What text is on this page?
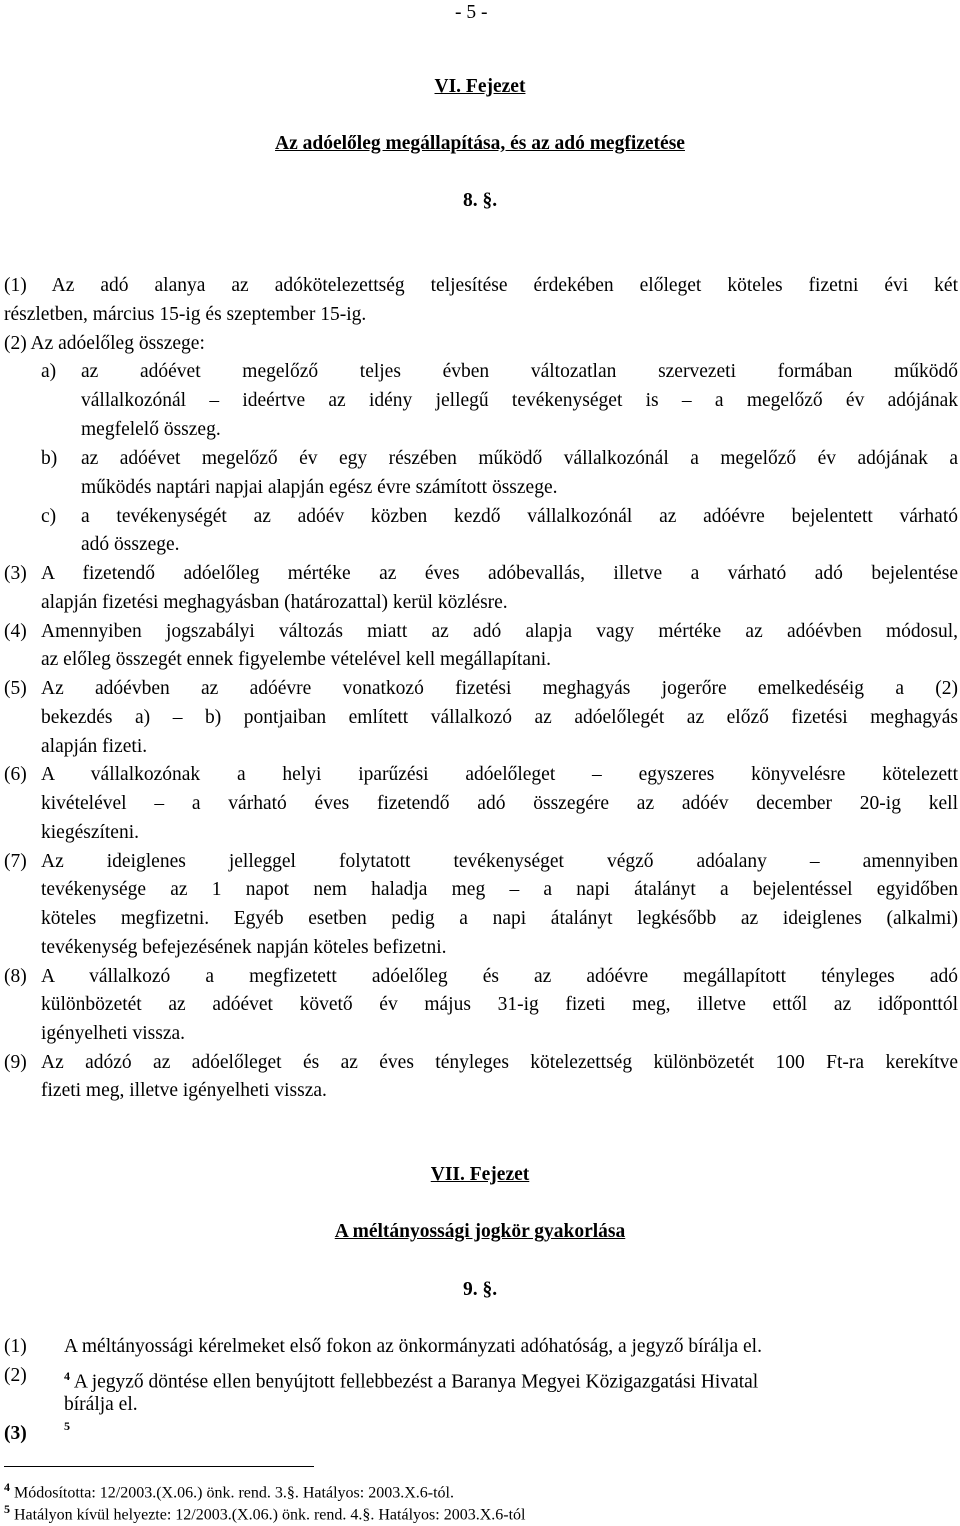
- 5 -
VI. Fejezet
Az adóelőleg megállapítása, és az adó megfizetése
8. §.
(1) Az adó alanya az adókötelezettség teljesítése érdekében előleget köteles fizetni évi két
részletben, március 15-ig és szeptember 15-ig.
(2) Az adóelőleg összege:
a) az adóévet megelőző teljes évben változatlan szervezeti formában működő
vállalkozónál – ideértve az idény jellegű tevékenységet is – a megelőző év adójának
megfelelő összeg.
b) az adóévet megelőző év egy részében működő vállalkozónál a megelőző év adójának a
működés naptári napjai alapján egész évre számított összege.
c) a tevékenységét az adóév közben kezdő vállalkozónál az adóévre bejelentett várható
adó összege.
(3) A fizetendő adóelőleg mértéke az éves adóbevallás, illetve a várható adó bejelentése
alapján fizetési meghagyásban (határozattal) kerül közlésre.
(4) Amennyiben jogszabályi változás miatt az adó alapja vagy mértéke az adóévben módosul,
az előleg összegét ennek figyelembe vételével kell megállapítani.
(5) Az adóévben az adóévre vonatkozó fizetési meghagyás jogerőre emelkedéséig a (2)
bekezdés a) – b) pontjaiban említett vállalkozó az adóelőlegét az előző fizetési meghagyás
alapján fizeti.
(6) A vállalkozónak a helyi iparűzési adóelőleget – egyszeres könyvelésre kötelezett
kivételével – a várható éves fizetendő adó összegére az adóév december 20-ig kell
kiegészíteni.
(7) Az ideiglenes jelleggel folytatott tevékenységet végző adóalany – amennyiben
tevékenysége az 1 napot nem haladja meg – a napi átalányt a bejelentéssel egyidőben
köteles megfizetni. Egyéb esetben pedig a napi átalányt legkésőbb az ideiglenes (alkalmi)
tevékenység befejezésének napján köteles befizetni.
(8) A vállalkozó a megfizetett adóelőleg és az adóévre megállapított tényleges adó
különbözetét az adóévet követő év május 31-ig fizeti meg, illetve ettől az időponttól
igényelheti vissza.
(9) Az adózó az adóelőleget és az éves tényleges kötelezettség különbözetét 100 Ft-ra kerekítve
fizeti meg, illetve igényelheti vissza.
VII. Fejezet
A méltányossági jogkör gyakorlása
9. §.
(1) A méltányossági kérelmeket első fokon az önkormányzati adóhatóság, a jegyző bírálja el.
(2)	$^4$ A jegyző döntése ellen benyújtott fellebbezést a Baranya Megyei Közigazgatási Hivatal
bírálja el.
(3)	$^5$
$^4$ Módosította: 12/2003.(X.06.) önk. rend. 3.§. Hatályos: 2003.X.6-tól.
$^5$ Hatályon kívül helyezte: 12/2003.(X.06.) önk. rend. 4.§. Hatályos: 2003.X.6-tól
